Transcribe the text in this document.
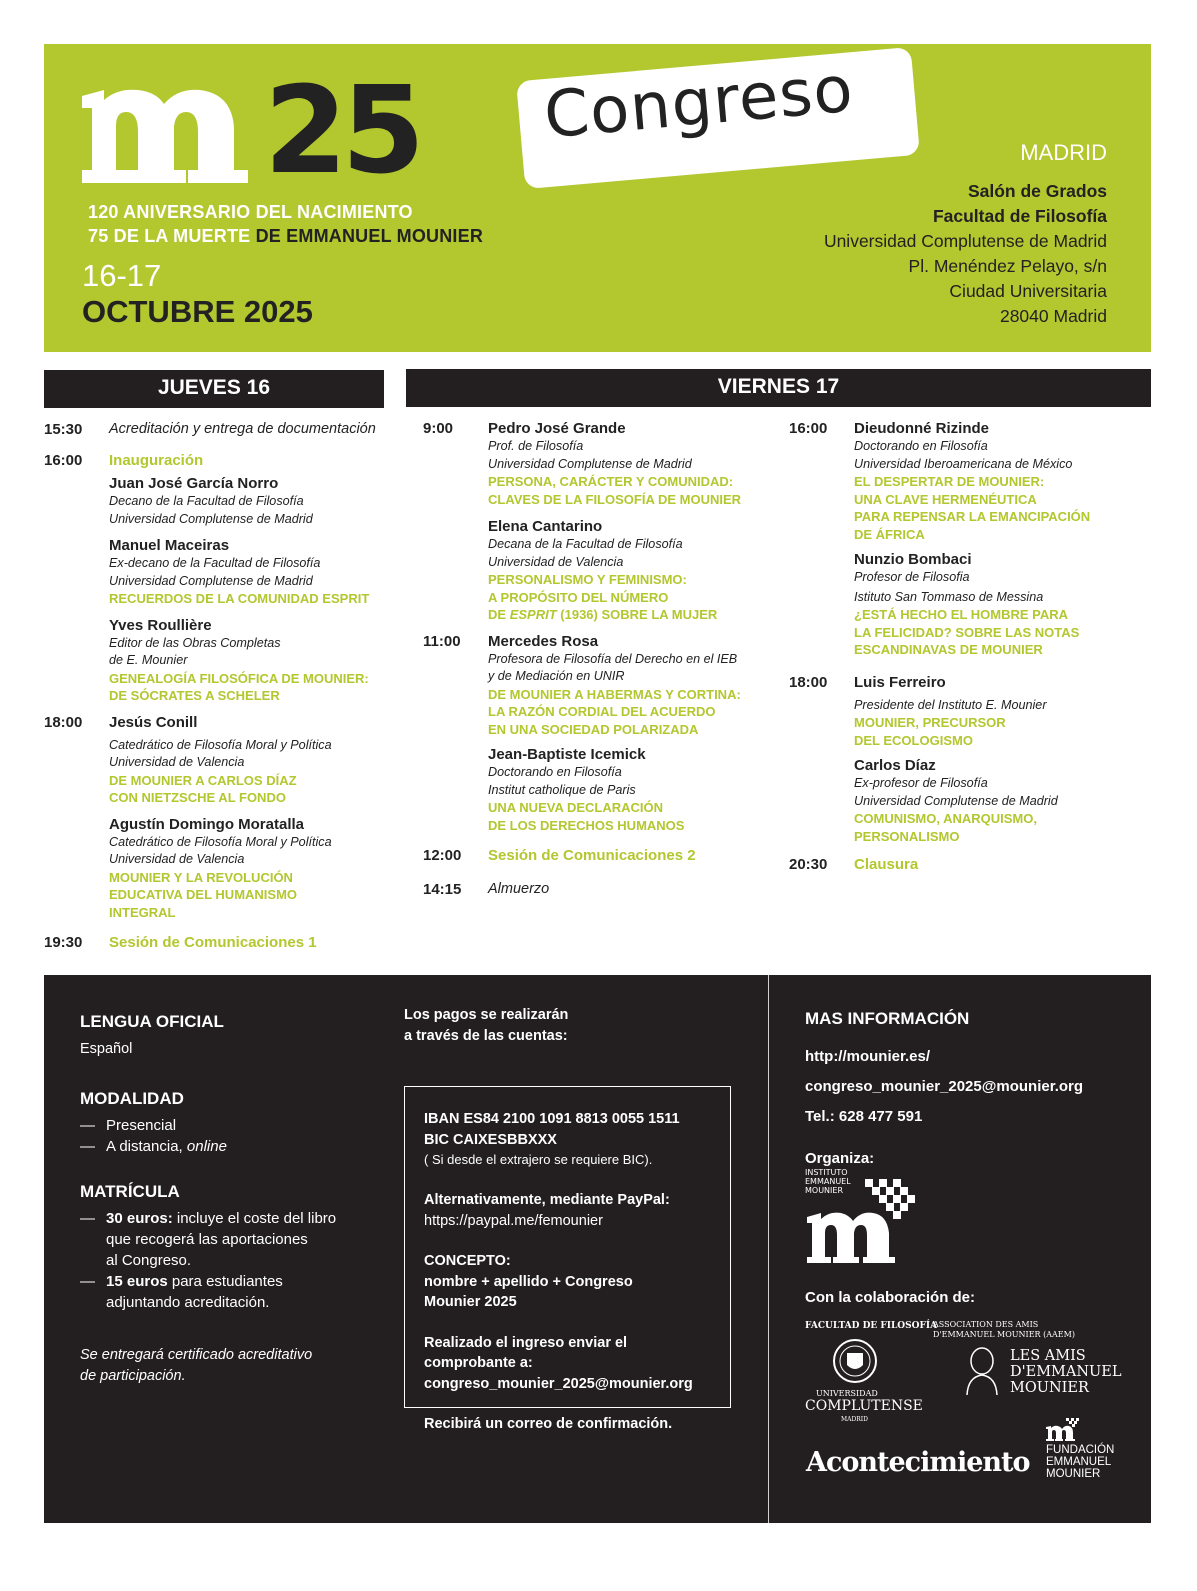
25 Congreso
120 ANIVERSARIO DEL NACIMIENTO
75 DE LA MUERTE DE EMMANUEL MOUNIER
16-17
OCTUBRE 2025
MADRID
Salón de Grados
Facultad de Filosofía
Universidad Complutense de Madrid
Pl. Menéndez Pelayo, s/n
Ciudad Universitaria
28040 Madrid
JUEVES 16	VIERNES 17
15:30 Acreditación y entrega de documentación
16:00 Inauguración
Juan José García Norro
Decano de la Facultad de Filosofía
Universidad Complutense de Madrid
Manuel Maceiras
Ex-decano de la Facultad de Filosofía
Universidad Complutense de Madrid
RECUERDOS DE LA COMUNIDAD ESPRIT
Yves Roullière
Editor de las Obras Completas
de E. Mounier
GENEALOGÍA FILOSÓFICA DE MOUNIER:
DE SÓCRATES A SCHELER
18:00 Jesús Conill
Catedrático de Filosofía Moral y Política
Universidad de Valencia
DE MOUNIER A CARLOS DÍAZ
CON NIETZSCHE AL FONDO
Agustín Domingo Moratalla
Catedrático de Filosofía Moral y Política
Universidad de Valencia
MOUNIER Y LA REVOLUCIÓN
EDUCATIVA DEL HUMANISMO
INTEGRAL
19:30 Sesión de Comunicaciones 1
9:00 Pedro José Grande
Prof. de Filosofía
Universidad Complutense de Madrid
PERSONA, CARÁCTER Y COMUNIDAD:
CLAVES DE LA FILOSOFÍA DE MOUNIER
Elena Cantarino
Decana de la Facultad de Filosofía
Universidad de Valencia
PERSONALISMO Y FEMINISMO:
A PROPÓSITO DEL NÚMERO
DE ESPRIT (1936) SOBRE LA MUJER
11:00 Mercedes Rosa
Profesora de Filosofía del Derecho en el IEB
y de Mediación en UNIR
DE MOUNIER A HABERMAS Y CORTINA:
LA RAZÓN CORDIAL DEL ACUERDO
EN UNA SOCIEDAD POLARIZADA
Jean-Baptiste Icemick
Doctorando en Filosofía
Institut catholique de Paris
UNA NUEVA DECLARACIÓN
DE LOS DERECHOS HUMANOS
12:00 Sesión de Comunicaciones 2
14:15 Almuerzo
16:00 Dieudonné Rizinde
Doctorando en Filosofía
Universidad Iberoamericana de México
EL DESPERTAR DE MOUNIER:
UNA CLAVE HERMENÉUTICA
PARA REPENSAR LA EMANCIPACIÓN
DE ÁFRICA
Nunzio Bombaci
Profesor de Filosofia
Istituto San Tommaso de Messina
¿ESTÁ HECHO EL HOMBRE PARA
LA FELICIDAD? SOBRE LAS NOTAS
ESCANDINAVAS DE MOUNIER
18:00 Luis Ferreiro
Presidente del Instituto E. Mounier
MOUNIER, PRECURSOR
DEL ECOLOGISMO
Carlos Díaz
Ex-profesor de Filosofía
Universidad Complutense de Madrid
COMUNISMO, ANARQUISMO,
PERSONALISMO
20:30 Clausura
LENGUA OFICIAL
Español
MODALIDAD
— Presencial
— A distancia, online
MATRÍCULA
— 30 euros: incluye el coste del libro
que recogerá las aportaciones
al Congreso.
— 15 euros para estudiantes
adjuntando acreditación.
Se entregará certificado acreditativo
de participación.
Los pagos se realizarán
a través de las cuentas:
IBAN ES84 2100 1091 8813 0055 1511
BIC CAIXESBBXXX
( Si desde el extrajero se requiere BIC).
Alternativamente, mediante PayPal:
https://paypal.me/femounier
CONCEPTO:
nombre + apellido + Congreso
Mounier 2025
Realizado el ingreso enviar el
comprobante a:
congreso_mounier_2025@mounier.org
Recibirá un correo de confirmación.
MAS INFORMACIÓN
http://mounier.es/
congreso_mounier_2025@mounier.org
Tel.: 628 477 591
Organiza:
INSTITUTO
EMMANUEL
MOUNIER
Con la colaboración de:
FACULTAD DE FILOSOFÍA
UNIVERSIDAD
COMPLUTENSE
MADRID
ASSOCIATION DES AMIS
D'EMMANUEL MOUNIER (AAEM)
LES AMIS
D'EMMANUEL
MOUNIER
Acontecimiento FUNDACIÓN
EMMANUEL
MOUNIER
